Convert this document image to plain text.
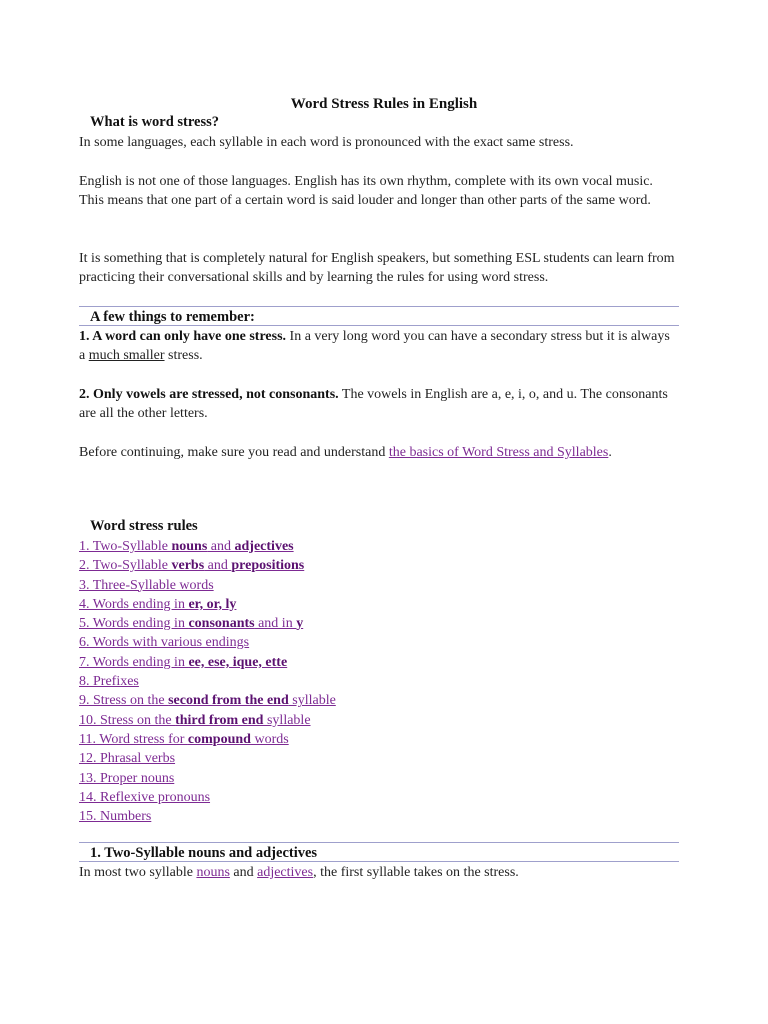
Word Stress Rules in English
What is word stress?
In some languages, each syllable in each word is pronounced with the exact same stress.
English is not one of those languages. English has its own rhythm, complete with its own vocal music. This means that one part of a certain word is said louder and longer than other parts of the same word.
It is something that is completely natural for English speakers, but something ESL students can learn from practicing their conversational skills and by learning the rules for using word stress.
A few things to remember:
1. A word can only have one stress. In a very long word you can have a secondary stress but it is always a much smaller stress.
2. Only vowels are stressed, not consonants. The vowels in English are a, e, i, o, and u. The consonants are all the other letters.
Before continuing, make sure you read and understand the basics of Word Stress and Syllables.
Word stress rules
1. Two-Syllable nouns and adjectives
2. Two-Syllable verbs and prepositions
3. Three-Syllable words
4. Words ending in er, or, ly
5. Words ending in consonants and in y
6. Words with various endings
7. Words ending in ee, ese, ique, ette
8. Prefixes
9. Stress on the second from the end syllable
10. Stress on the third from end syllable
11. Word stress for compound words
12. Phrasal verbs
13. Proper nouns
14. Reflexive pronouns
15. Numbers
1. Two-Syllable nouns and adjectives
In most two syllable nouns and adjectives, the first syllable takes on the stress.
